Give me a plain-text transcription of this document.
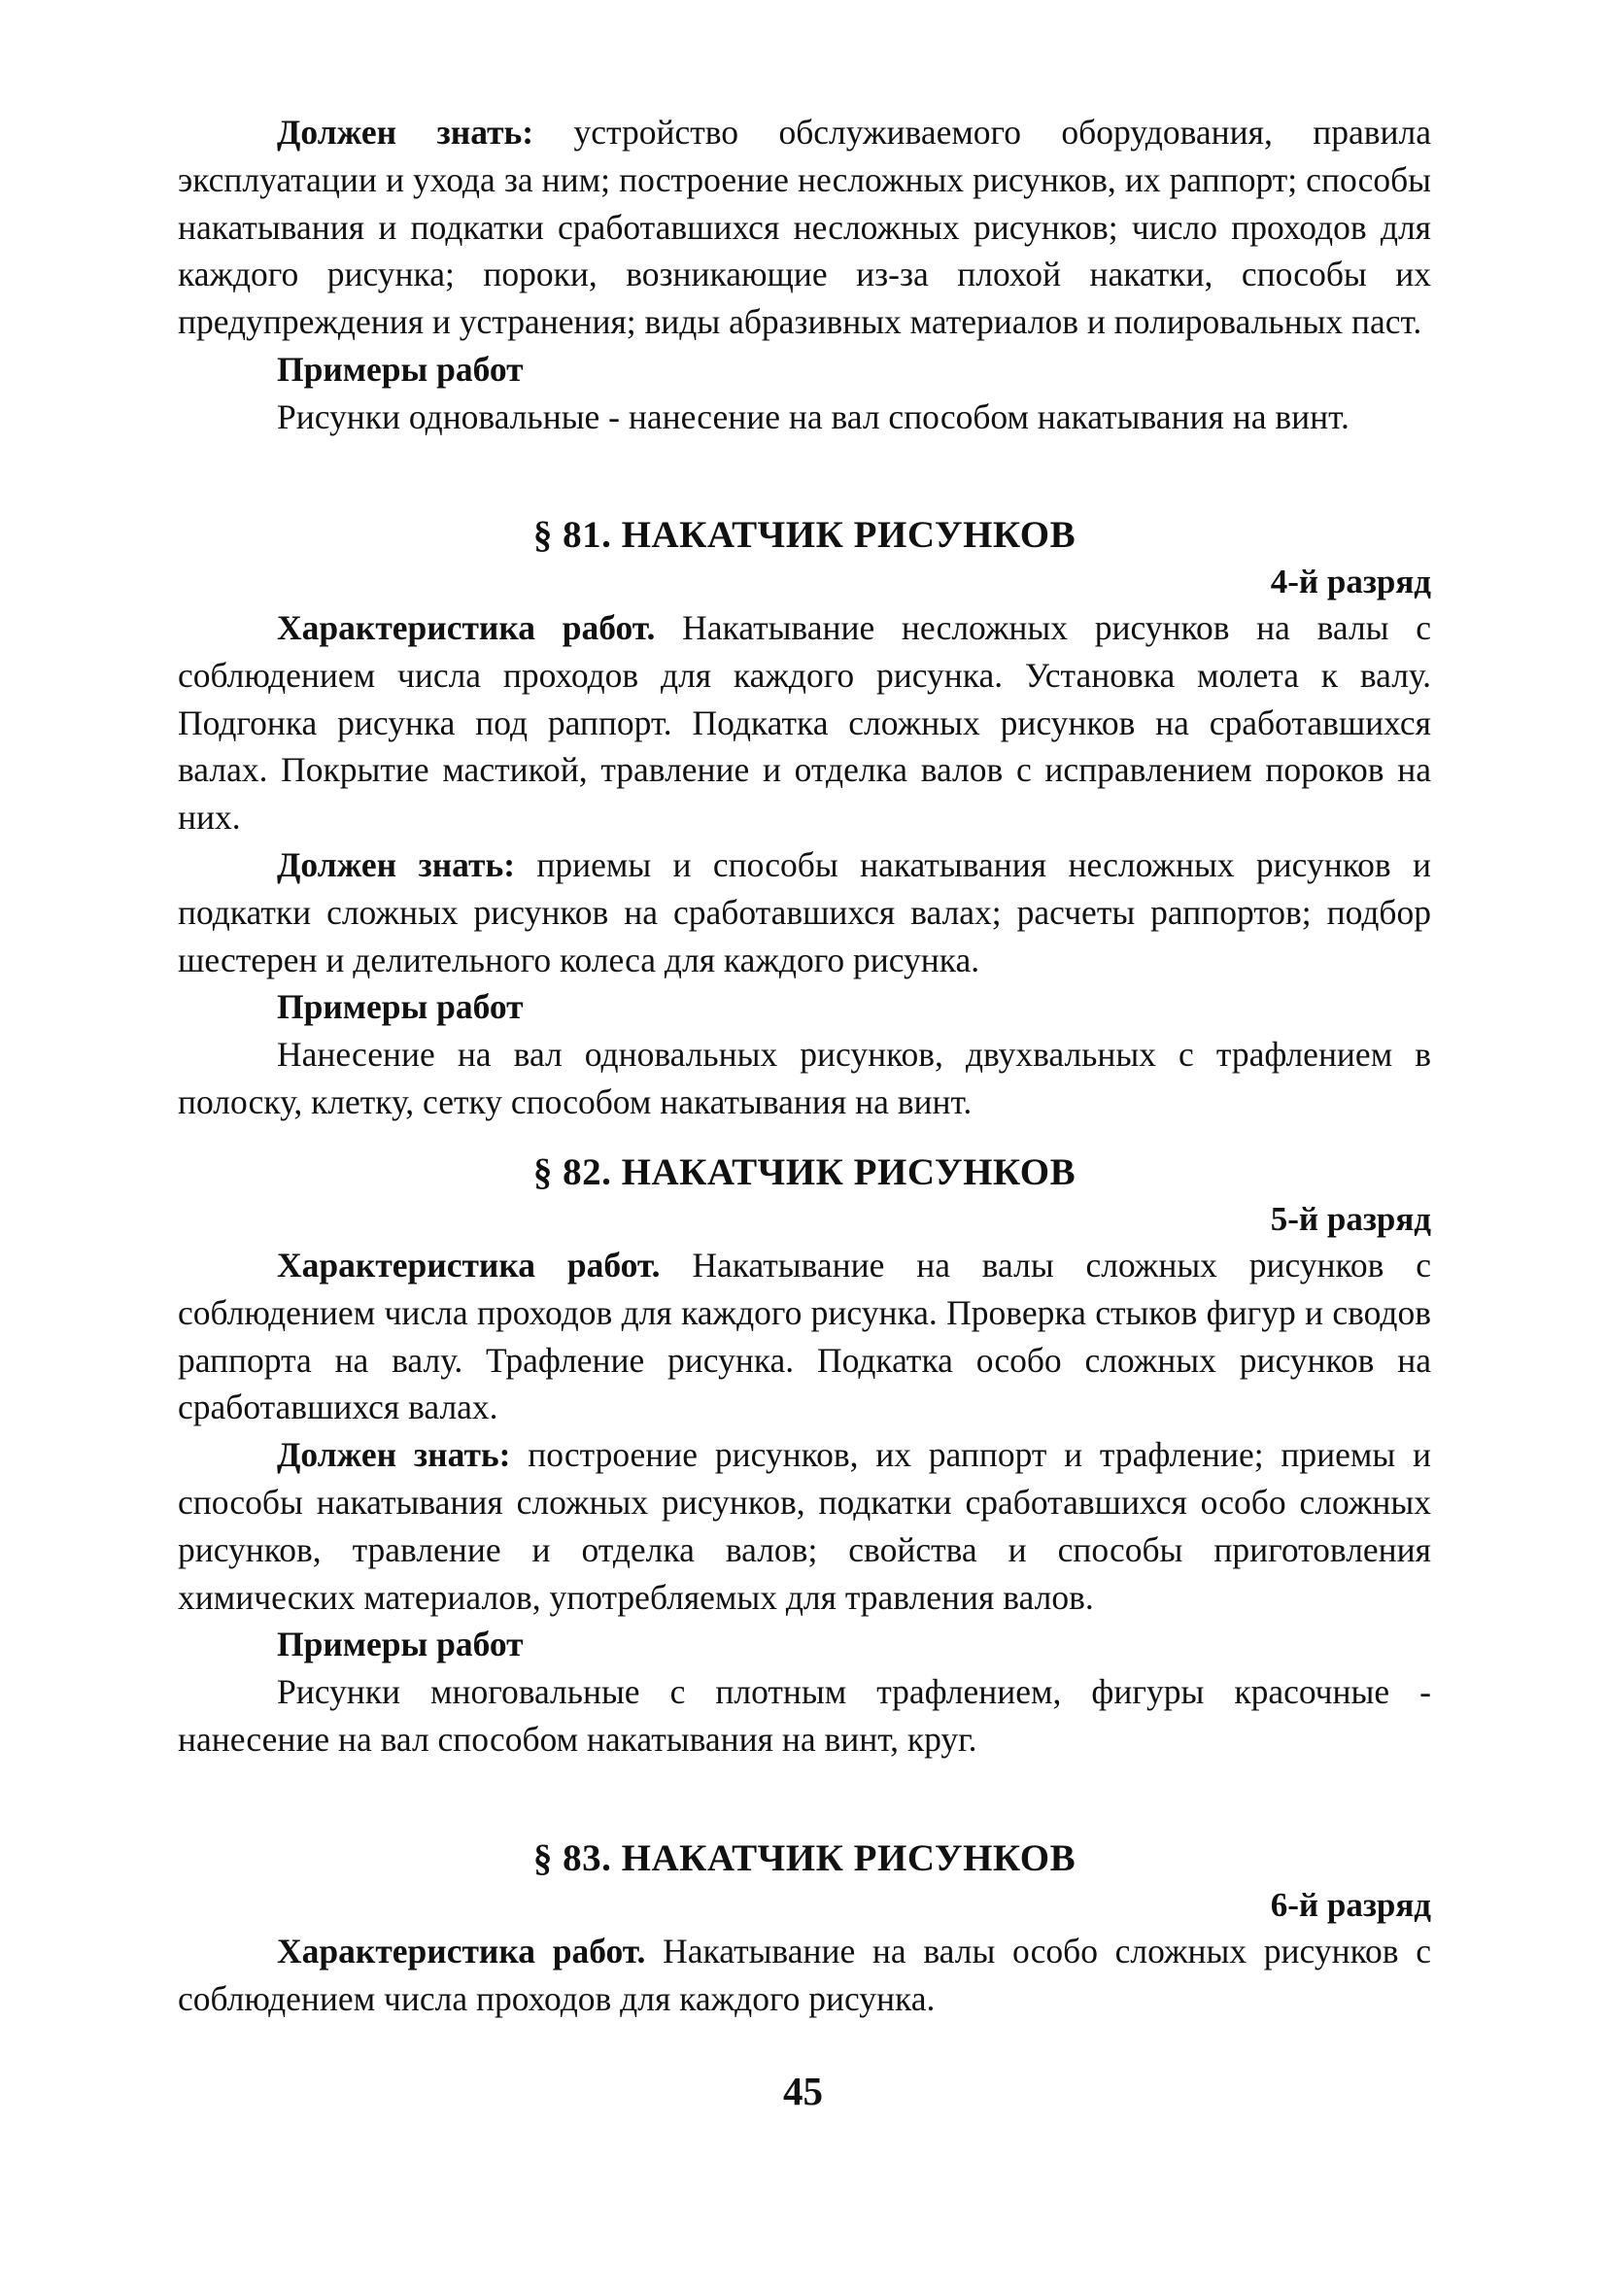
Должен знать: устройство обслуживаемого оборудования, правила эксплуатации и ухода за ним; построение несложных рисунков, их раппорт; способы накатывания и подкатки сработавшихся несложных рисунков; число проходов для каждого рисунка; пороки, возникающие из-за плохой накатки, способы их предупреждения и устранения; виды абразивных материалов и полировальных паст.

Примеры работ

Рисунки одновальные - нанесение на вал способом накатывания на винт.

§ 81. НАКАТЧИК РИСУНКОВ

4-й разряд

Характеристика работ. Накатывание несложных рисунков на валы с соблюдением числа проходов для каждого рисунка. Установка молета к валу. Подгонка рисунка под раппорт. Подкатка сложных рисунков на сработавшихся валах. Покрытие мастикой, травление и отделка валов с исправлением пороков на них.

Должен знать: приемы и способы накатывания несложных рисунков и подкатки сложных рисунков на сработавшихся валах; расчеты раппортов; подбор шестерен и делительного колеса для каждого рисунка.

Примеры работ

Нанесение на вал одновальных рисунков, двухвальных с трафлением в полоску, клетку, сетку способом накатывания на винт.

§ 82. НАКАТЧИК РИСУНКОВ

5-й разряд

Характеристика работ. Накатывание на валы сложных рисунков с соблюдением числа проходов для каждого рисунка. Проверка стыков фигур и сводов раппорта на валу. Трафление рисунка. Подкатка особо сложных рисунков на сработавшихся валах.

Должен знать: построение рисунков, их раппорт и трафление; приемы и способы накатывания сложных рисунков, подкатки сработавшихся особо сложных рисунков, травление и отделка валов; свойства и способы приготовления химических материалов, употребляемых для травления валов.

Примеры работ

Рисунки многовальные с плотным трафлением, фигуры красочные - нанесение на вал способом накатывания на винт, круг.

§ 83. НАКАТЧИК РИСУНКОВ

6-й разряд

Характеристика работ. Накатывание на валы особо сложных рисунков с соблюдением числа проходов для каждого рисунка.

45
